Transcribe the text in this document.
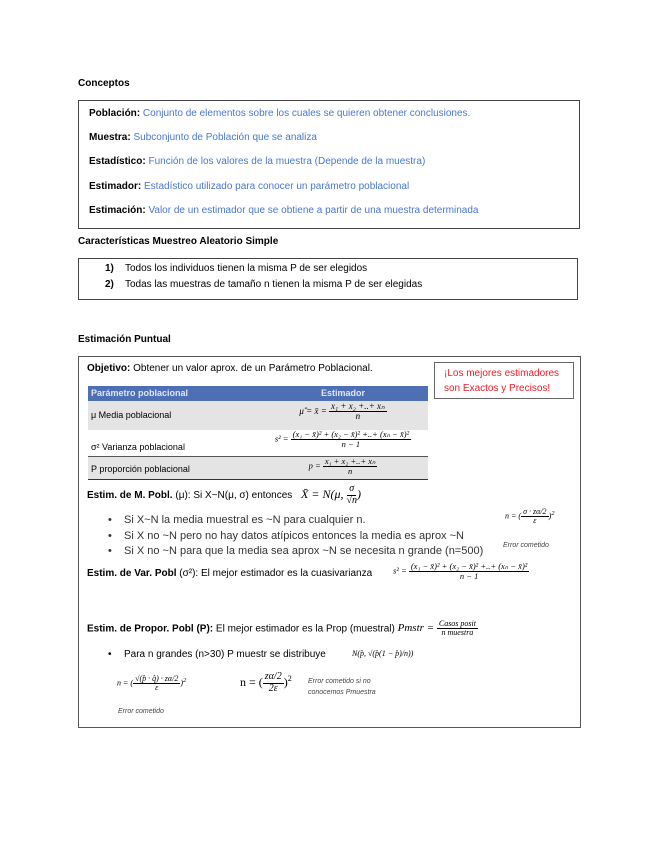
Conceptos
Población: Conjunto de elementos sobre los cuales se quieren obtener conclusiones.
Muestra: Subconjunto de Población que se analiza
Estadístico: Función de los valores de la muestra (Depende de la muestra)
Estimador: Estadístico utilizado para conocer un parámetro poblacional
Estimación: Valor de un estimador que se obtiene a partir de una muestra determinada
Características Muestreo Aleatorio Simple
1) Todos los individuos tienen la misma P de ser elegidos
2) Todas las muestras de tamaño n tienen la misma P de ser elegidas
Estimación Puntual
Objetivo: Obtener un valor aprox. de un Parámetro Poblacional.	¡Los mejores estimadores
son Exactos y Precisos!
Parámetro poblacional	Estimador
μ Media poblacional	μ̂ = x̄ = $\frac{\text{x₁ + x₂ +..+ xₙ}}{n}$
σ² Varianza poblacional
$s^2 = \frac{\text{(x₁ − x̄)² + (x₂ − x̄)² +..+ (xₙ − x̄)²}}{n - 1}$
P proporción poblacional	$p = \frac{\text{x₁ + x₂ +..+ xₙ}}{n}$
Estim. de M. Pobl. (μ): Si X~N(μ, σ) entonces X̄ = N(μ, $\frac{\sigma}{√n}$ )
• Si X~N la media muestral es ~N para cualquier n.
• Si X no ~N pero no hay datos atípicos entonces la media es aprox ~N
• Si X no ~N para que la media sea aprox ~N se necesita n grande (n=500)
n = ( $\frac{\sigma \cdot z\alpha/2}{\varepsilon} )^2$
Error cometido
Estim. de Var. Pobl (σ²): El mejor estimador es la cuasivarianza $s^2 = \frac{\text{(x₁ − x̄)² + (x₂ − x̄)² +..+ (xₙ − x̄)²}}{n - 1}$
Estim. de Propor. Pobl (P): El mejor estimador es la Prop (muestral) Pmstr = $\frac{\text{Casos posit}}{\text{n muestra}}$
• Para n grandes (n>30) P muestr se distribuye	N(p̂, √(p̂(1 − p̂)/n))
n = ( $\frac{√(p̂ \cdot q̂) \cdot z\alpha/2}{\varepsilon} )^2$
Error cometido
n = ( $\frac{z\alpha/2}{2\varepsilon} )^2$ Error cometido si no
conocemos Pmuestra
